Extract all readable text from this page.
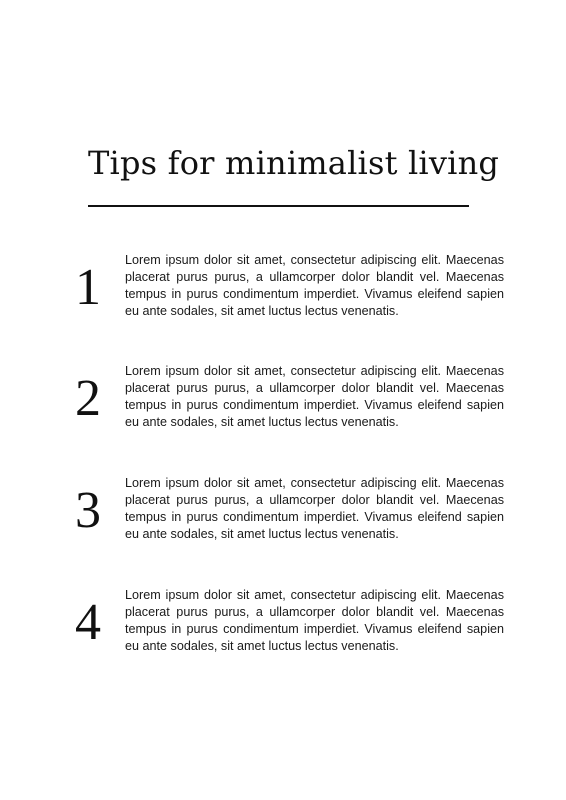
Tips for minimalist living
1 Lorem ipsum dolor sit amet, consectetur adipiscing elit. Maecenas placerat purus purus, a ullamcorper dolor blandit vel. Maecenas tempus in purus condimentum imperdiet. Vivamus eleifend sapien eu ante sodales, sit amet luctus lectus venenatis.

2 Lorem ipsum dolor sit amet, consectetur adipiscing elit. Maecenas placerat purus purus, a ullamcorper dolor blandit vel. Maecenas tempus in purus condimentum imperdiet. Vivamus eleifend sapien eu ante sodales, sit amet luctus lectus venenatis.

3 Lorem ipsum dolor sit amet, consectetur adipiscing elit. Maecenas placerat purus purus, a ullamcorper dolor blandit vel. Maecenas tempus in purus condimentum imperdiet. Vivamus eleifend sapien eu ante sodales, sit amet luctus lectus venenatis.

4 Lorem ipsum dolor sit amet, consectetur adipiscing elit. Maecenas placerat purus purus, a ullamcorper dolor blandit vel. Maecenas tempus in purus condimentum imperdiet. Vivamus eleifend sapien eu ante sodales, sit amet luctus lectus venenatis.
